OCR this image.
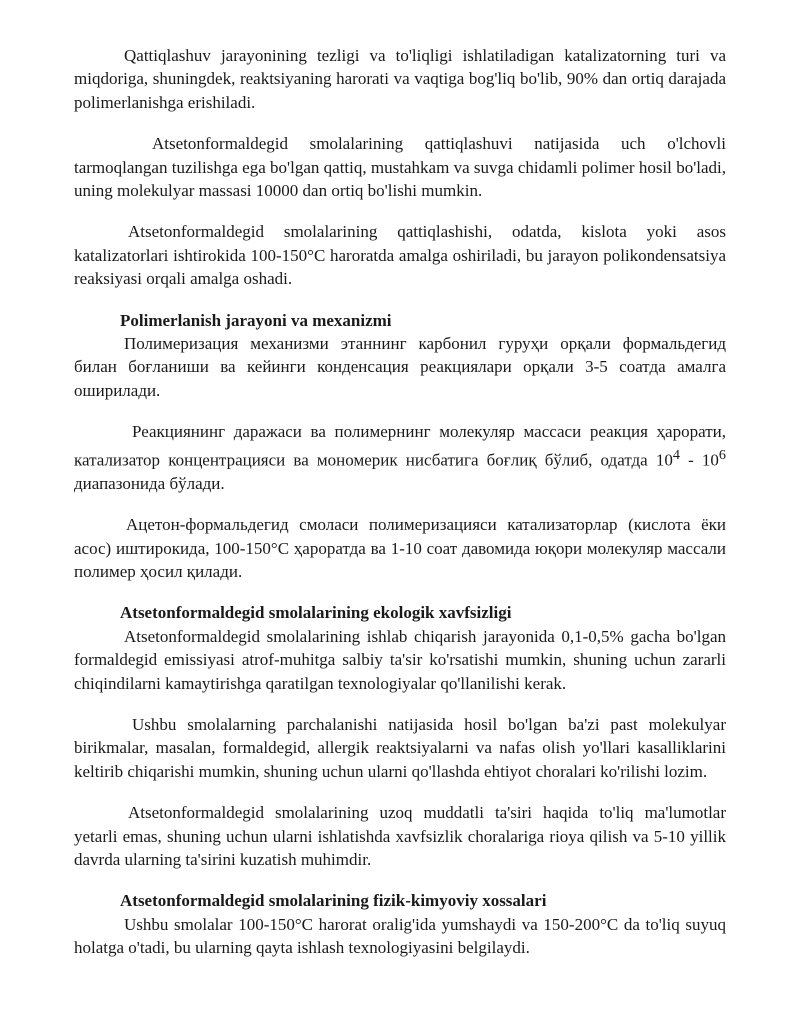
Qattiqlashuv jarayonining tezligi va to'liqligi ishlatiladigan katalizatorning turi va miqdoriga, shuningdek, reaktsiyaning harorati va vaqtiga bog'liq bo'lib, 90% dan ortiq darajada polimerlanishga erishiladi.

Atsetonformaldegid smolalarining qattiqlashuvi natijasida uch o'lchovli tarmoqlangan tuzilishga ega bo'lgan qattiq, mustahkam va suvga chidamli polimer hosil bo'ladi, uning molekulyar massasi 10000 dan ortiq bo'lishi mumkin.

Atsetonformaldegid smolalarining qattiqlashishi, odatda, kislota yoki asos katalizatorlari ishtirokida 100-150°C haroratda amalga oshiriladi, bu jarayon polikondensatsiya reaksiyasi orqali amalga oshadi.

Polimerlanish jarayoni va mexanizmi

Полимеризация механизми этаннинг карбонил гуруҳи орқали формальдегид билан боғланиши ва кейинги конденсация реакциялари орқали 3-5 соатда амалга оширилади.

Реакциянинг даражаси ва полимернинг молекуляр массаси реакция ҳарорати, катализатор концентрацияси ва мономерик нисбатига боғлиқ бўлиб, одатда $10^4 - 10^6$ диапазонида бўлади.

Ацетон-формальдегид смоласи полимеризацияси катализаторлар (кислота ёки асос) иштирокида, 100-150°C ҳароратда ва 1-10 соат давомида юқори молекуляр массали полимер ҳосил қилади.

Atsetonformaldegid smolalarining ekologik xavfsizligi

Atsetonformaldegid smolalarining ishlab chiqarish jarayonida 0,1-0,5% gacha bo'lgan formaldegid emissiyasi atrof-muhitga salbiy ta'sir ko'rsatishi mumkin, shuning uchun zararli chiqindilarni kamaytirishga qaratilgan texnologiyalar qo'llanilishi kerak.

Ushbu smolalarning parchalanishi natijasida hosil bo'lgan ba'zi past molekulyar birikmalar, masalan, formaldegid, allergik reaktsiyalarni va nafas olish yo'llari kasalliklarini keltirib chiqarishi mumkin, shuning uchun ularni qo'llashda ehtiyot choralari ko'rilishi lozim.

Atsetonformaldegid smolalarining uzoq muddatli ta'siri haqida to'liq ma'lumotlar yetarli emas, shuning uchun ularni ishlatishda xavfsizlik choralariga rioya qilish va 5-10 yillik davrda ularning ta'sirini kuzatish muhimdir.

Atsetonformaldegid smolalarining fizik-kimyoviy xossalari

Ushbu smolalar 100-150°C harorat oralig'ida yumshaydi va 150-200°C da to'liq suyuq holatga o'tadi, bu ularning qayta ishlash texnologiyasini belgilaydi.
